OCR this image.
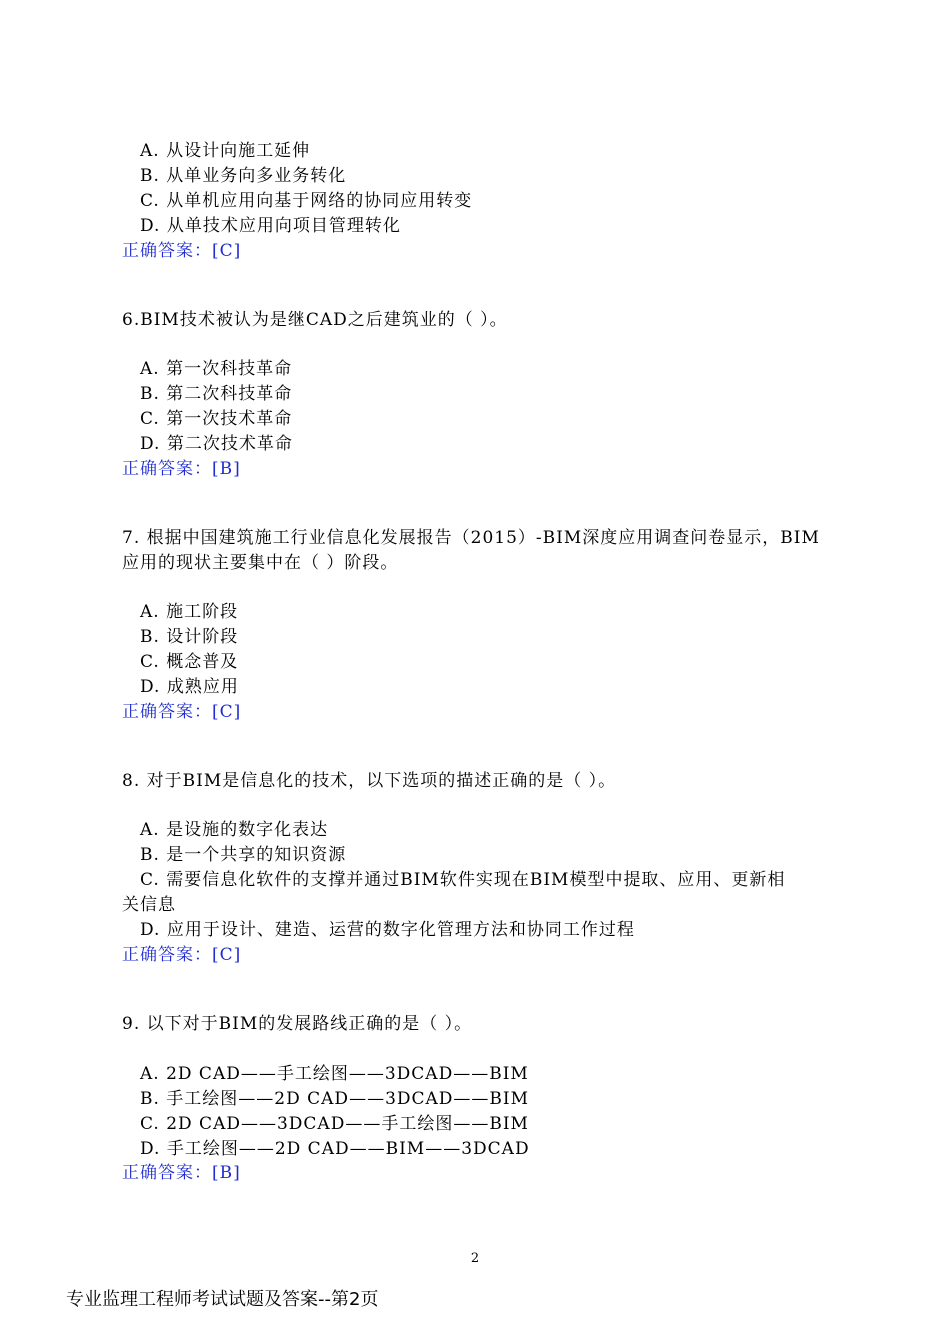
A. 从设计向施工延伸
B. 从单业务向多业务转化
C. 从单机应用向基于网络的协同应用转变
D. 从单技术应用向项目管理转化
正确答案：[C]
6.BIM技术被认为是继CAD之后建筑业的（ ）。
A. 第一次科技革命
B. 第二次科技革命
C. 第一次技术革命
D. 第二次技术革命
正确答案：[B]
7. 根据中国建筑施工行业信息化发展报告（2015）-BIM深度应用调查问卷显示，BIM
应用的现状主要集中在（ ）阶段。
A. 施工阶段
B. 设计阶段
C. 概念普及
D. 成熟应用
正确答案：[C]
8. 对于BIM是信息化的技术，以下选项的描述正确的是（ ）。
A. 是设施的数字化表达
B. 是一个共享的知识资源
C. 需要信息化软件的支撑并通过BIM软件实现在BIM模型中提取、应用、更新相
关信息
D. 应用于设计、建造、运营的数字化管理方法和协同工作过程
正确答案：[C]
9. 以下对于BIM的发展路线正确的是（ ）。
A. 2D CAD——手工绘图——3DCAD——BIM
B. 手工绘图——2D CAD——3DCAD——BIM
C. 2D CAD——3DCAD——手工绘图——BIM
D. 手工绘图——2D CAD——BIM——3DCAD
正确答案：[B]
2
专业监理工程师考试试题及答案--第2页
